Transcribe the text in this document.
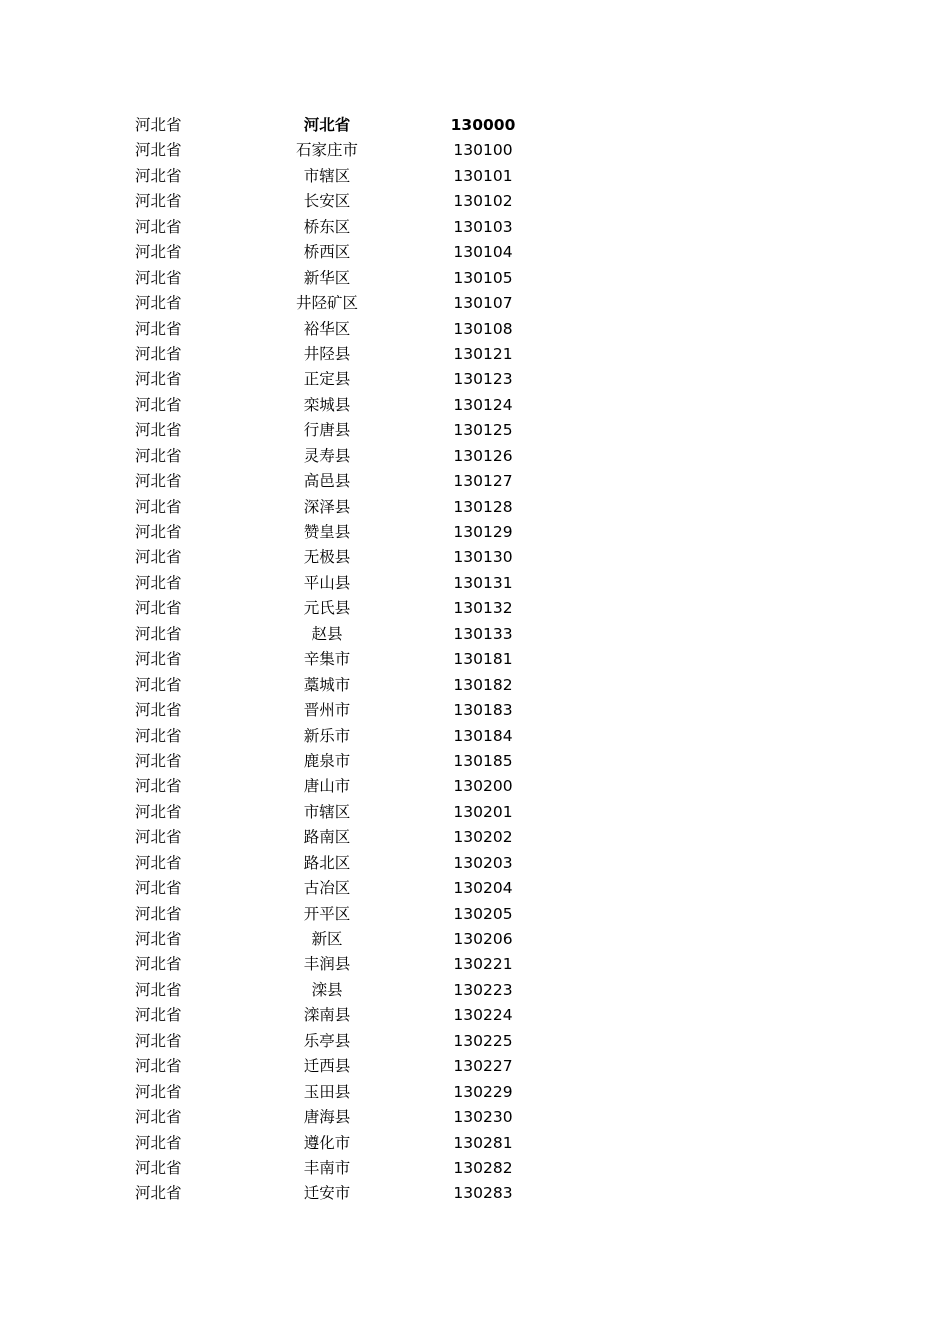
河北省	河北省	130000
河北省	石家庄市	130100
河北省	市辖区	130101
河北省	长安区	130102
河北省	桥东区	130103
河北省	桥西区	130104
河北省	新华区	130105
河北省	井陉矿区	130107
河北省	裕华区	130108
河北省	井陉县	130121
河北省	正定县	130123
河北省	栾城县	130124
河北省	行唐县	130125
河北省	灵寿县	130126
河北省	高邑县	130127
河北省	深泽县	130128
河北省	赞皇县	130129
河北省	无极县	130130
河北省	平山县	130131
河北省	元氏县	130132
河北省	赵县	130133
河北省	辛集市	130181
河北省	藁城市	130182
河北省	晋州市	130183
河北省	新乐市	130184
河北省	鹿泉市	130185
河北省	唐山市	130200
河北省	市辖区	130201
河北省	路南区	130202
河北省	路北区	130203
河北省	古冶区	130204
河北省	开平区	130205
河北省	新区	130206
河北省	丰润县	130221
河北省	滦县	130223
河北省	滦南县	130224
河北省	乐亭县	130225
河北省	迁西县	130227
河北省	玉田县	130229
河北省	唐海县	130230
河北省	遵化市	130281
河北省	丰南市	130282
河北省	迁安市	130283
